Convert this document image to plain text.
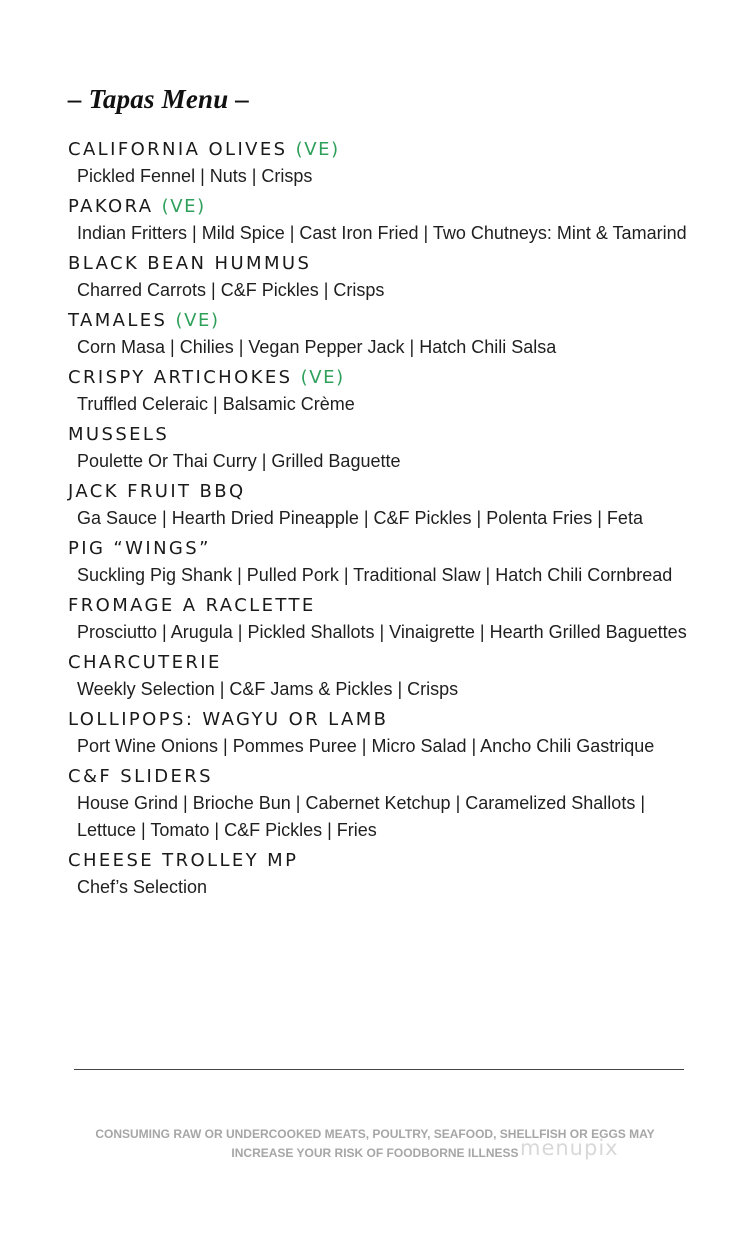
– Tapas Menu –
CALIFORNIA OLIVES (VE)
Pickled Fennel | Nuts | Crisps
PAKORA (VE)
Indian Fritters | Mild Spice | Cast Iron Fried | Two Chutneys: Mint & Tamarind
BLACK BEAN HUMMUS
Charred Carrots | C&F Pickles | Crisps
TAMALES (VE)
Corn Masa | Chilies | Vegan Pepper Jack | Hatch Chili Salsa
CRISPY ARTICHOKES (VE)
Truffled Celeraic | Balsamic Crème
MUSSELS
Poulette Or Thai Curry | Grilled Baguette
JACK FRUIT BBQ
Ga Sauce | Hearth Dried Pineapple | C&F Pickles | Polenta Fries | Feta
PIG “WINGS”
Suckling Pig Shank | Pulled Pork | Traditional Slaw | Hatch Chili Cornbread
FROMAGE A RACLETTE
Prosciutto | Arugula | Pickled Shallots | Vinaigrette | Hearth Grilled Baguettes
CHARCUTERIE
Weekly Selection | C&F Jams & Pickles | Crisps
LOLLIPOPS: WAGYU OR LAMB
Port Wine Onions | Pommes Puree | Micro Salad | Ancho Chili Gastrique
C&F SLIDERS
House Grind | Brioche Bun | Cabernet Ketchup | Caramelized Shallots | Lettuce | Tomato | C&F Pickles | Fries
CHEESE TROLLEY MP
Chef’s Selection
CONSUMING RAW OR UNDERCOOKED MEATS, POULTRY, SEAFOOD, SHELLFISH OR EGGS MAY
INCREASE YOUR RISK OF FOODBORNE ILLNESS menupix
